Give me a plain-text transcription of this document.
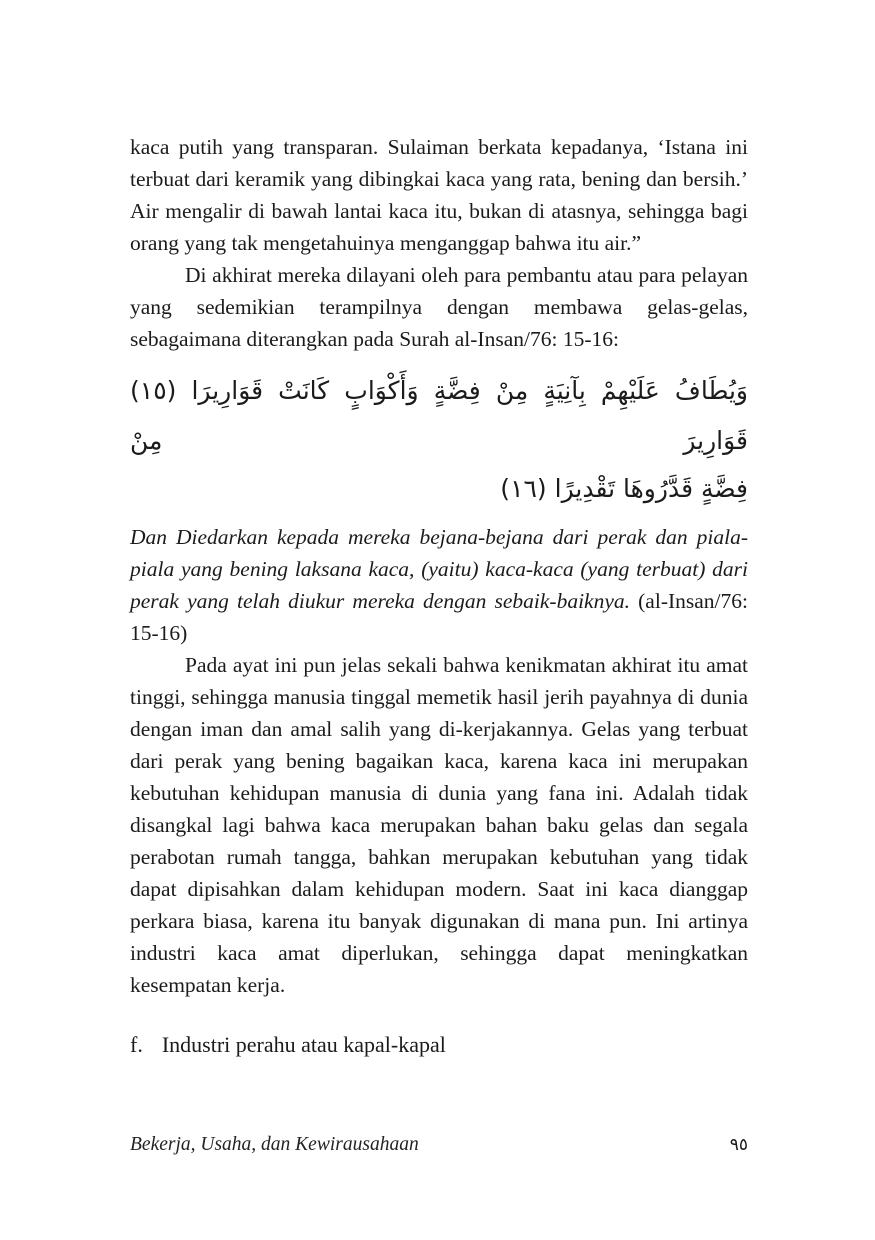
kaca putih yang transparan. Sulaiman berkata kepadanya, ‘Istana ini terbuat dari keramik yang dibingkai kaca yang rata, bening dan bersih.’ Air mengalir di bawah lantai kaca itu, bukan di atasnya, sehingga bagi orang yang tak mengetahuinya menganggap bahwa itu air.”

Di akhirat mereka dilayani oleh para pembantu atau para pelayan yang sedemikian terampilnya dengan membawa gelas-gelas, sebagaimana diterangkan pada Surah al-Insan/76: 15-16:

وَيُطَافُ عَلَيْهِمْ بِآنِيَةٍ مِنْ فِضَّةٍ وَأَكْوَابٍ كَانَتْ قَوَارِيرَا (١٥) قَوَارِيرَ مِنْ
فِضَّةٍ قَدَّرُوهَا تَقْدِيرًا (١٦)

Dan Diedarkan kepada mereka bejana-bejana dari perak dan piala-piala yang bening laksana kaca, (yaitu) kaca-kaca (yang terbuat) dari perak yang telah diukur mereka dengan sebaik-baiknya. (al-Insan/76: 15-16)

Pada ayat ini pun jelas sekali bahwa kenikmatan akhirat itu amat tinggi, sehingga manusia tinggal memetik hasil jerih payahnya di dunia dengan iman dan amal salih yang di-kerjakannya. Gelas yang terbuat dari perak yang bening bagaikan kaca, karena kaca ini merupakan kebutuhan kehidupan manusia di dunia yang fana ini. Adalah tidak disangkal lagi bahwa kaca merupakan bahan baku gelas dan segala perabotan rumah tangga, bahkan merupakan kebutuhan yang tidak dapat dipisahkan dalam kehidupan modern. Saat ini kaca dianggap perkara biasa, karena itu banyak digunakan di mana pun. Ini artinya industri kaca amat diperlukan, sehingga dapat meningkatkan kesempatan kerja.

f. Industri perahu atau kapal-kapal
Bekerja, Usaha, dan Kewirausahaan	٩٥
